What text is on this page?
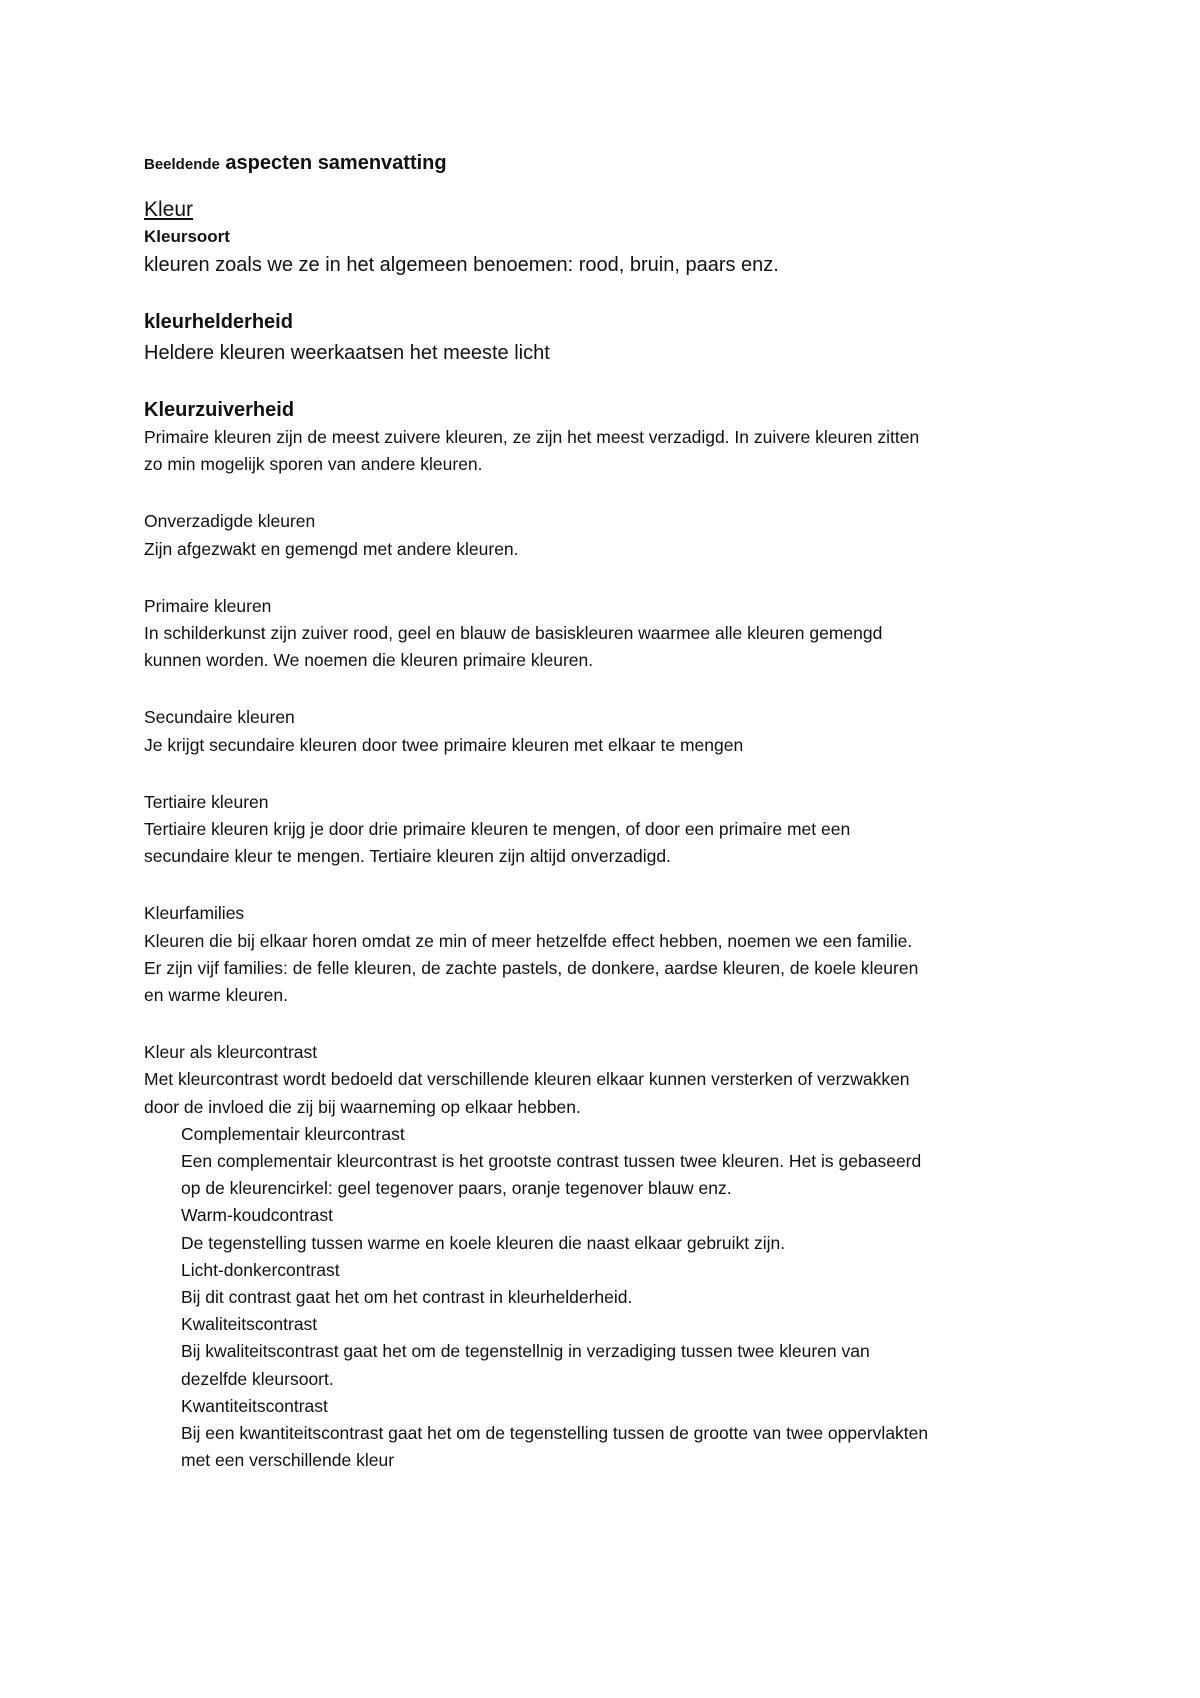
Beeldende aspecten samenvatting
Kleur
Kleursoort
kleuren zoals we ze in het algemeen benoemen: rood, bruin, paars enz.
kleurhelderheid
Heldere kleuren weerkaatsen het meeste licht
Kleurzuiverheid
Primaire kleuren zijn de meest zuivere kleuren, ze zijn het meest verzadigd. In zuivere kleuren zitten
zo min mogelijk sporen van andere kleuren.
Onverzadigde kleuren
Zijn afgezwakt en gemengd met andere kleuren.
Primaire kleuren
In schilderkunst zijn zuiver rood, geel en blauw de basiskleuren waarmee alle kleuren gemengd
kunnen worden. We noemen die kleuren primaire kleuren.
Secundaire kleuren
Je krijgt secundaire kleuren door twee primaire kleuren met elkaar te mengen
Tertiaire kleuren
Tertiaire kleuren krijg je door drie primaire kleuren te mengen, of door een primaire met een
secundaire kleur te mengen. Tertiaire kleuren zijn altijd onverzadigd.
Kleurfamilies
Kleuren die bij elkaar horen omdat ze min of meer hetzelfde effect hebben, noemen we een familie.
Er zijn vijf families: de felle kleuren, de zachte pastels, de donkere, aardse kleuren, de koele kleuren
en warme kleuren.
Kleur als kleurcontrast
Met kleurcontrast wordt bedoeld dat verschillende kleuren elkaar kunnen versterken of verzwakken
door de invloed die zij bij waarneming op elkaar hebben.
Complementair kleurcontrast
Een complementair kleurcontrast is het grootste contrast tussen twee kleuren. Het is gebaseerd
op de kleurencirkel: geel tegenover paars, oranje tegenover blauw enz.
Warm-koudcontrast
De tegenstelling tussen warme en koele kleuren die naast elkaar gebruikt zijn.
Licht-donkercontrast
Bij dit contrast gaat het om het contrast in kleurhelderheid.
Kwaliteitscontrast
Bij kwaliteitscontrast gaat het om de tegenstellnig in verzadiging tussen twee kleuren van
dezelfde kleursoort.
Kwantiteitscontrast
Bij een kwantiteitscontrast gaat het om de tegenstelling tussen de grootte van twee oppervlakten
met een verschillende kleur
